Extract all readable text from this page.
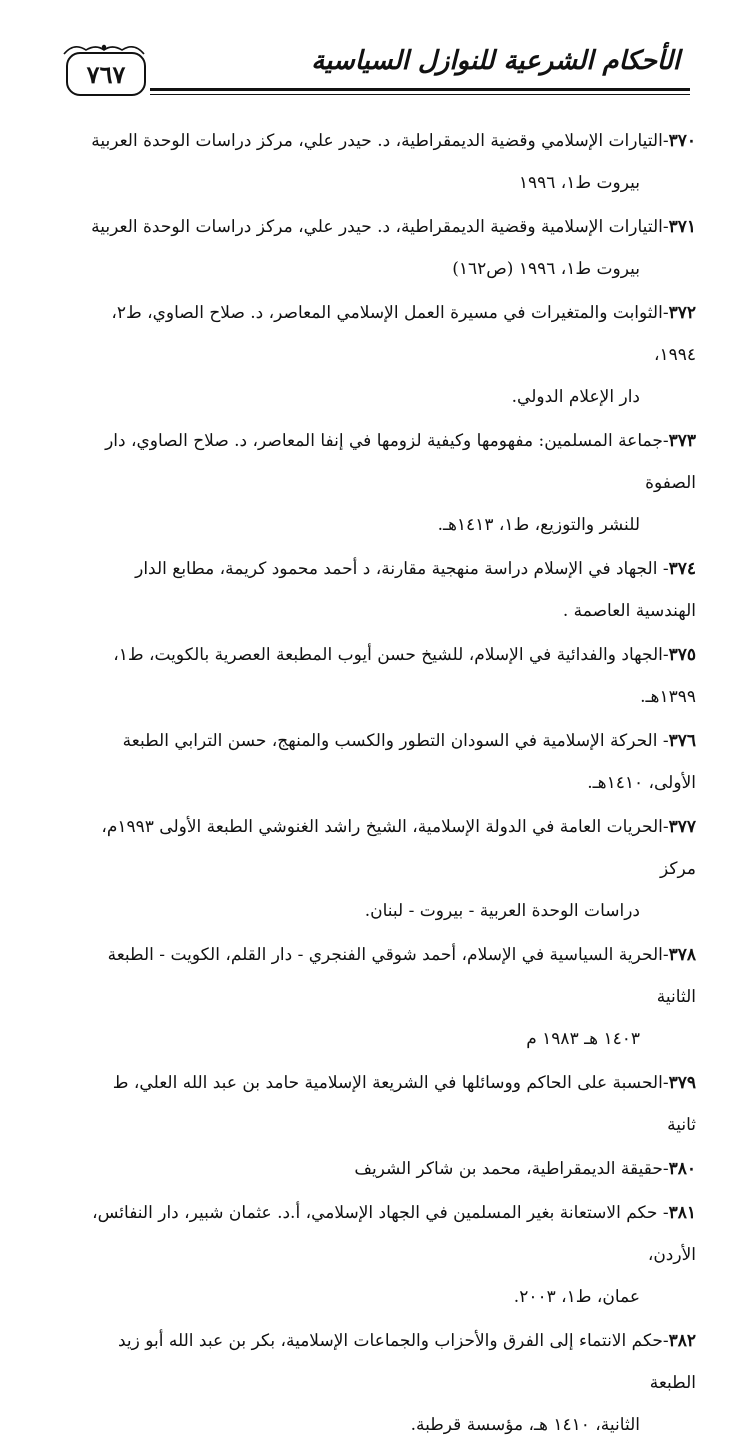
٧٦٧	الأحكام الشرعية للنوازل السياسية
٣٧٠-التيارات الإسلامي وقضية الديمقراطية، د. حيدر علي، مركز دراسات الوحدة العربية
بيروت ط١، ١٩٩٦
٣٧١-التيارات الإسلامية وقضية الديمقراطية، د. حيدر علي، مركز دراسات الوحدة العربية
بيروت ط١، ١٩٩٦ (ص١٦٢)
٣٧٢-الثوابت والمتغيرات في مسيرة العمل الإسلامي المعاصر، د. صلاح الصاوي، ط٢، ١٩٩٤،
دار الإعلام الدولي.
٣٧٣-جماعة المسلمين: مفهومها وكيفية لزومها في إنفا المعاصر، د. صلاح الصاوي، دار الصفوة
للنشر والتوزيع، ط١، ١٤١٣هـ.
٣٧٤- الجهاد في الإسلام دراسة منهجية مقارنة، د أحمد محمود كريمة، مطابع الدار الهندسية العاصمة .
٣٧٥-الجهاد والفدائية في الإسلام، للشيخ حسن أيوب المطبعة العصرية بالكويت، ط١، ١٣٩٩هـ.
٣٧٦- الحركة الإسلامية في السودان التطور والكسب والمنهج، حسن الترابي الطبعة الأولى، ١٤١٠هـ.
٣٧٧-الحريات العامة في الدولة الإسلامية، الشيخ راشد الغنوشي الطبعة الأولى ١٩٩٣م، مركز
دراسات الوحدة العربية - بيروت - لبنان.
٣٧٨-الحرية السياسية في الإسلام، أحمد شوقي الفنجري - دار القلم، الكويت - الطبعة الثانية
١٤٠٣ هـ ١٩٨٣ م
٣٧٩-الحسبة على الحاكم ووسائلها في الشريعة الإسلامية حامد بن عبد الله العلي، ط ثانية
٣٨٠-حقيقة الديمقراطية، محمد بن شاكر الشريف
٣٨١- حكم الاستعانة بغير المسلمين في الجهاد الإسلامي، أ.د. عثمان شبير، دار النفائس، الأردن،
عمان، ط١، ٢٠٠٣.
٣٨٢-حكم الانتماء إلى الفرق والأحزاب والجماعات الإسلامية، بكر بن عبد الله أبو زيد الطبعة
الثانية، ١٤١٠ هـ، مؤسسة قرطبة.
